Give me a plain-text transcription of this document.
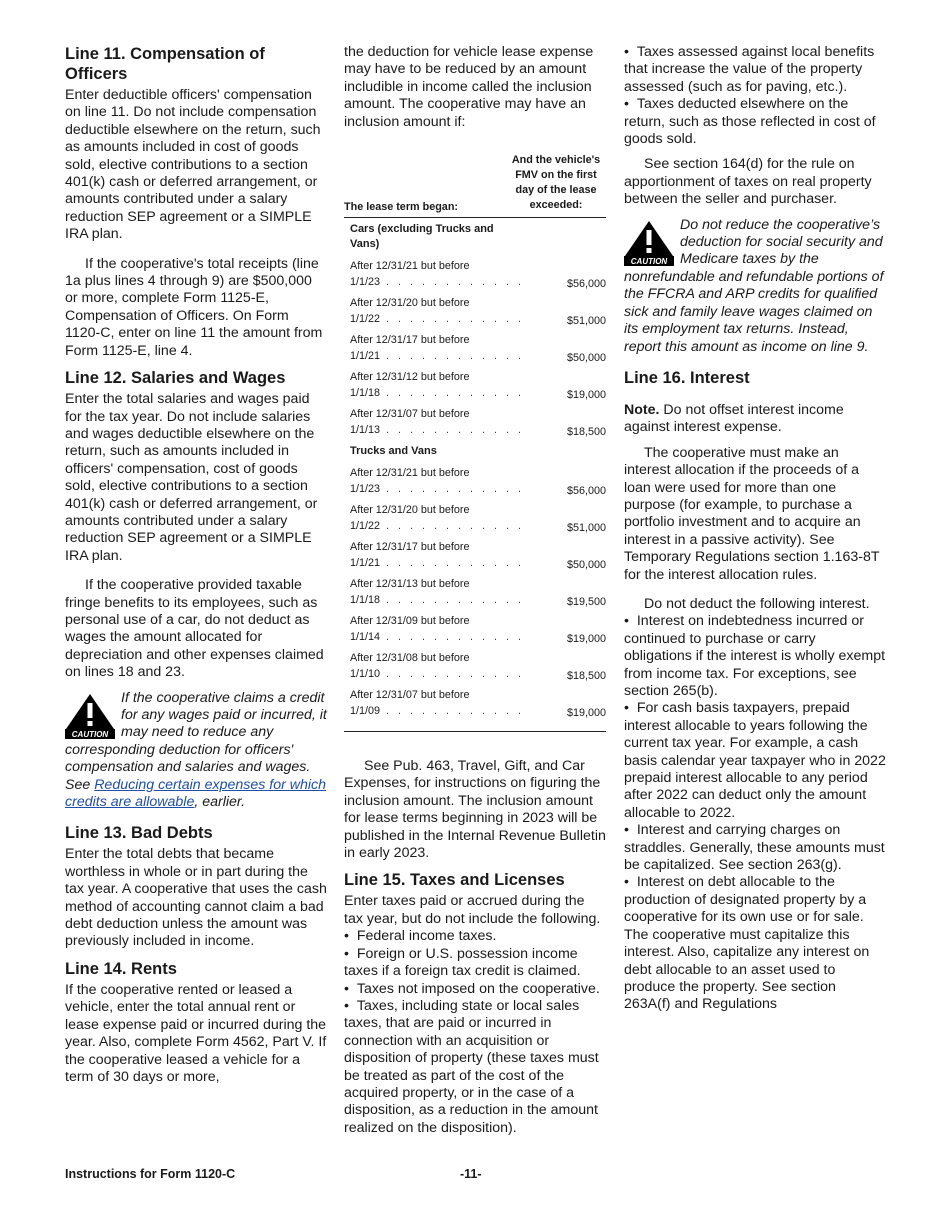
Line 11. Compensation of Officers

Enter deductible officers' compensation on line 11. Do not include compensation deductible elsewhere on the return, such as amounts included in cost of goods sold, elective contributions to a section 401(k) cash or deferred arrangement, or amounts contributed under a salary reduction SEP agreement or a SIMPLE IRA plan.

If the cooperative's total receipts (line 1a plus lines 4 through 9) are $500,000 or more, complete Form 1125-E, Compensation of Officers. On Form 1120-C, enter on line 11 the amount from Form 1125-E, line 4.

Line 12. Salaries and Wages

Enter the total salaries and wages paid for the tax year. Do not include salaries and wages deductible elsewhere on the return, such as amounts included in officers' compensation, cost of goods sold, elective contributions to a section 401(k) cash or deferred arrangement, or amounts contributed under a salary reduction SEP agreement or a SIMPLE IRA plan.

If the cooperative provided taxable fringe benefits to its employees, such as personal use of a car, do not deduct as wages the amount allocated for depreciation and other expenses claimed on lines 18 and 23.

CAUTION
If the cooperative claims a credit for any wages paid or incurred, it may need to reduce any corresponding deduction for officers' compensation and salaries and wages. See Reducing certain expenses for which credits are allowable, earlier.
Line 13. Bad Debts

Enter the total debts that became worthless in whole or in part during the tax year. A cooperative that uses the cash method of accounting cannot claim a bad debt deduction unless the amount was previously included in income.

Line 14. Rents

If the cooperative rented or leased a vehicle, enter the total annual rent or lease expense paid or incurred during the year. Also, complete Form 4562, Part V. If the cooperative leased a vehicle for a term of 30 days or more,

the deduction for vehicle lease expense may have to be reduced by an amount includible in income called the inclusion amount. The cooperative may have an inclusion amount if:

The lease term began:
And the vehicle's FMV on the first day of the lease exceeded:
Cars (excluding Trucks and Vans)
After 12/31/21 but before
1/1/23 . . . . . . . . . . . .	$56,000
After 12/31/20 but before
1/1/22 . . . . . . . . . . . .	$51,000
After 12/31/17 but before
1/1/21 . . . . . . . . . . . .	$50,000
After 12/31/12 but before
1/1/18 . . . . . . . . . . . .	$19,000
After 12/31/07 but before
1/1/13 . . . . . . . . . . . .	$18,500
Trucks and Vans
After 12/31/21 but before
1/1/23 . . . . . . . . . . . .	$56,000
After 12/31/20 but before
1/1/22 . . . . . . . . . . . .	$51,000
After 12/31/17 but before
1/1/21 . . . . . . . . . . . .	$50,000
After 12/31/13 but before
1/1/18 . . . . . . . . . . . .	$19,500
After 12/31/09 but before
1/1/14 . . . . . . . . . . . .	$19,000
After 12/31/08 but before
1/1/10 . . . . . . . . . . . .	$18,500
After 12/31/07 but before
1/1/09 . . . . . . . . . . . .	$19,000

See Pub. 463, Travel, Gift, and Car Expenses, for instructions on figuring the inclusion amount. The inclusion amount for lease terms beginning in 2023 will be published in the Internal Revenue Bulletin in early 2023.

Line 15. Taxes and Licenses

Enter taxes paid or accrued during the tax year, but do not include the following.

• Federal income taxes.

• Foreign or U.S. possession income taxes if a foreign tax credit is claimed.

• Taxes not imposed on the cooperative.

• Taxes, including state or local sales taxes, that are paid or incurred in connection with an acquisition or disposition of property (these taxes must be treated as part of the cost of the acquired property, or in the case of a disposition, as a reduction in the amount realized on the disposition).

• Taxes assessed against local benefits that increase the value of the property assessed (such as for paving, etc.).

• Taxes deducted elsewhere on the return, such as those reflected in cost of goods sold.

See section 164(d) for the rule on apportionment of taxes on real property between the seller and purchaser.

CAUTION
Do not reduce the cooperative’s deduction for social security and Medicare taxes by the nonrefundable and refundable portions of the FFCRA and ARP credits for qualified sick and family leave wages claimed on its employment tax returns. Instead, report this amount as income on line 9.
Line 16. Interest

Note. Do not offset interest income against interest expense.

The cooperative must make an interest allocation if the proceeds of a loan were used for more than one purpose (for example, to purchase a portfolio investment and to acquire an interest in a passive activity). See Temporary Regulations section 1.163-8T for the interest allocation rules.

Do not deduct the following interest.

• Interest on indebtedness incurred or continued to purchase or carry obligations if the interest is wholly exempt from income tax. For exceptions, see section 265(b).

• For cash basis taxpayers, prepaid interest allocable to years following the current tax year. For example, a cash basis calendar year taxpayer who in 2022 prepaid interest allocable to any period after 2022 can deduct only the amount allocable to 2022.

• Interest and carrying charges on straddles. Generally, these amounts must be capitalized. See section 263(g).

• Interest on debt allocable to the production of designated property by a cooperative for its own use or for sale. The cooperative must capitalize this interest. Also, capitalize any interest on debt allocable to an asset used to produce the property. See section 263A(f) and Regulations

Instructions for Form 1120-C	-11-
